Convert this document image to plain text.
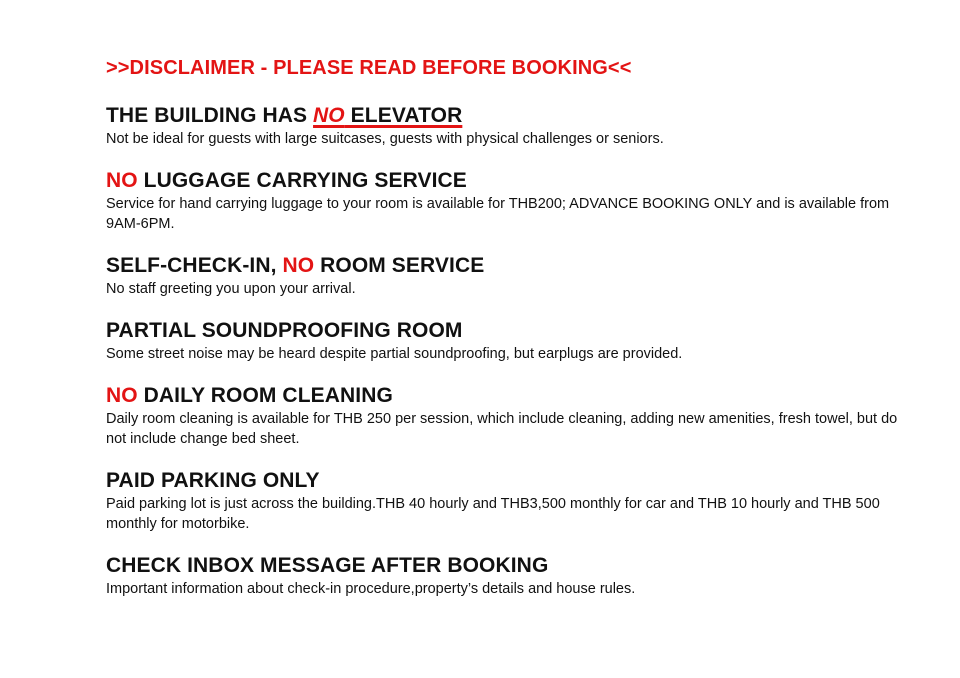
>>DISCLAIMER - PLEASE READ BEFORE BOOKING<<

THE BUILDING HAS NO ELEVATOR

Not be ideal for guests with large suitcases, guests with physical challenges or seniors.

NO LUGGAGE CARRYING SERVICE

Service for hand carrying luggage to your room is available for THB200; ADVANCE BOOKING ONLY and is available from 9AM-6PM.

SELF-CHECK-IN, NO ROOM SERVICE

No staff greeting you upon your arrival.

PARTIAL SOUNDPROOFING ROOM

Some street noise may be heard despite partial soundproofing, but earplugs are provided.

NO DAILY ROOM CLEANING

Daily room cleaning is available for THB 250 per session, which include cleaning, adding new amenities, fresh towel, but do not include change bed sheet.

PAID PARKING ONLY

Paid parking lot is just across the building.THB 40 hourly and THB3,500 monthly for car and THB 10 hourly and THB 500 monthly for motorbike.

CHECK INBOX MESSAGE AFTER BOOKING

Important information about check-in procedure,property’s details and house rules.
